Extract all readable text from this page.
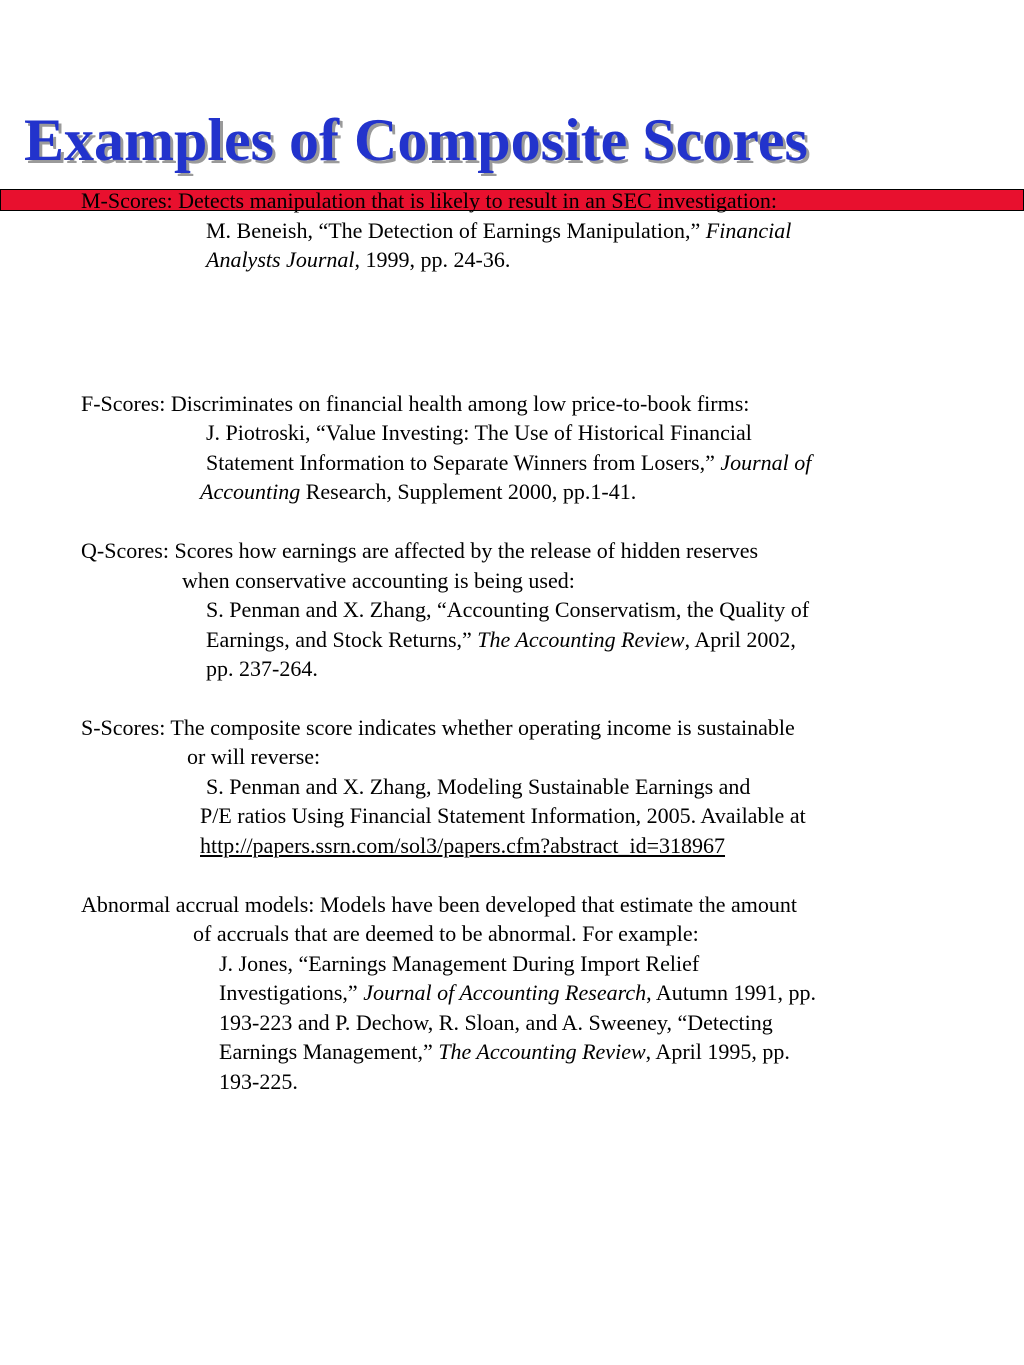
Examples of Composite Scores

M-Scores: Detects manipulation that is likely to result in an SEC investigation:

M. Beneish, “The Detection of Earnings Manipulation,” Financial

Analysts Journal, 1999, pp. 24-36.

F-Scores: Discriminates on financial health among low price-to-book firms:

J. Piotroski, “Value Investing: The Use of Historical Financial

Statement Information to Separate Winners from Losers,” Journal of

Accounting Research, Supplement 2000, pp.1-41.

Q-Scores: Scores how earnings are affected by the release of hidden reserves

when conservative accounting is being used:

S. Penman and X. Zhang, “Accounting Conservatism, the Quality of

Earnings, and Stock Returns,” The Accounting Review, April 2002,

pp. 237-264.

S-Scores: The composite score indicates whether operating income is sustainable

or will reverse:

S. Penman and X. Zhang, Modeling Sustainable Earnings and

P/E ratios Using Financial Statement Information, 2005. Available at

http://papers.ssrn.com/sol3/papers.cfm?abstract_id=318967

Abnormal accrual models: Models have been developed that estimate the amount

of accruals that are deemed to be abnormal. For example:

J. Jones, “Earnings Management During Import Relief

Investigations,” Journal of Accounting Research, Autumn 1991, pp.

193-223 and P. Dechow, R. Sloan, and A. Sweeney, “Detecting

Earnings Management,” The Accounting Review, April 1995, pp.

193-225.
